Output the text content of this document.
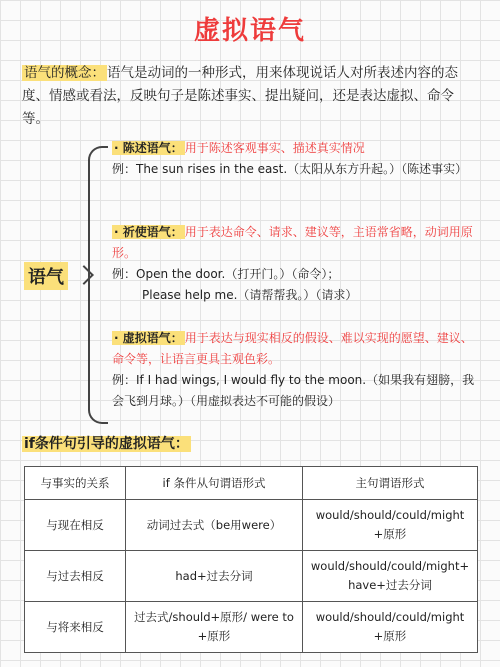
虚拟语气
语气的概念： 语气是动词的一种形式，用来体现说话人对所表述内容的态度、情感或看法，反映句子是陈述事实、提出疑问，还是表达虚拟、命令等。
语气
· 陈述语气： 用于陈述客观事实、描述真实情况
例：The sun rises in the east.（太阳从东方升起。）（陈述事实）
· 祈使语气： 用于表达命令、请求、建议等，主语常省略，动词用原形。
例：Open the door.（打开门。）（命令）；
Please help me.（请帮帮我。）（请求）
· 虚拟语气： 用于表达与现实相反的假设、难以实现的愿望、建议、命令等，让语言更具主观色彩。
例：If I had wings, I would fly to the moon.（如果我有翅膀，我会飞到月球。）（用虚拟表达不可能的假设）
if条件句引导的虚拟语气：
与事实的关系	if 条件从句谓语形式	主句谓语形式
与现在相反	动词过去式（be用were）	would/should/could/might +原形
与过去相反	had+过去分词	would/should/could/might+ have+过去分词
与将来相反	过去式/should+原形/ were to +原形	would/should/could/might +原形
